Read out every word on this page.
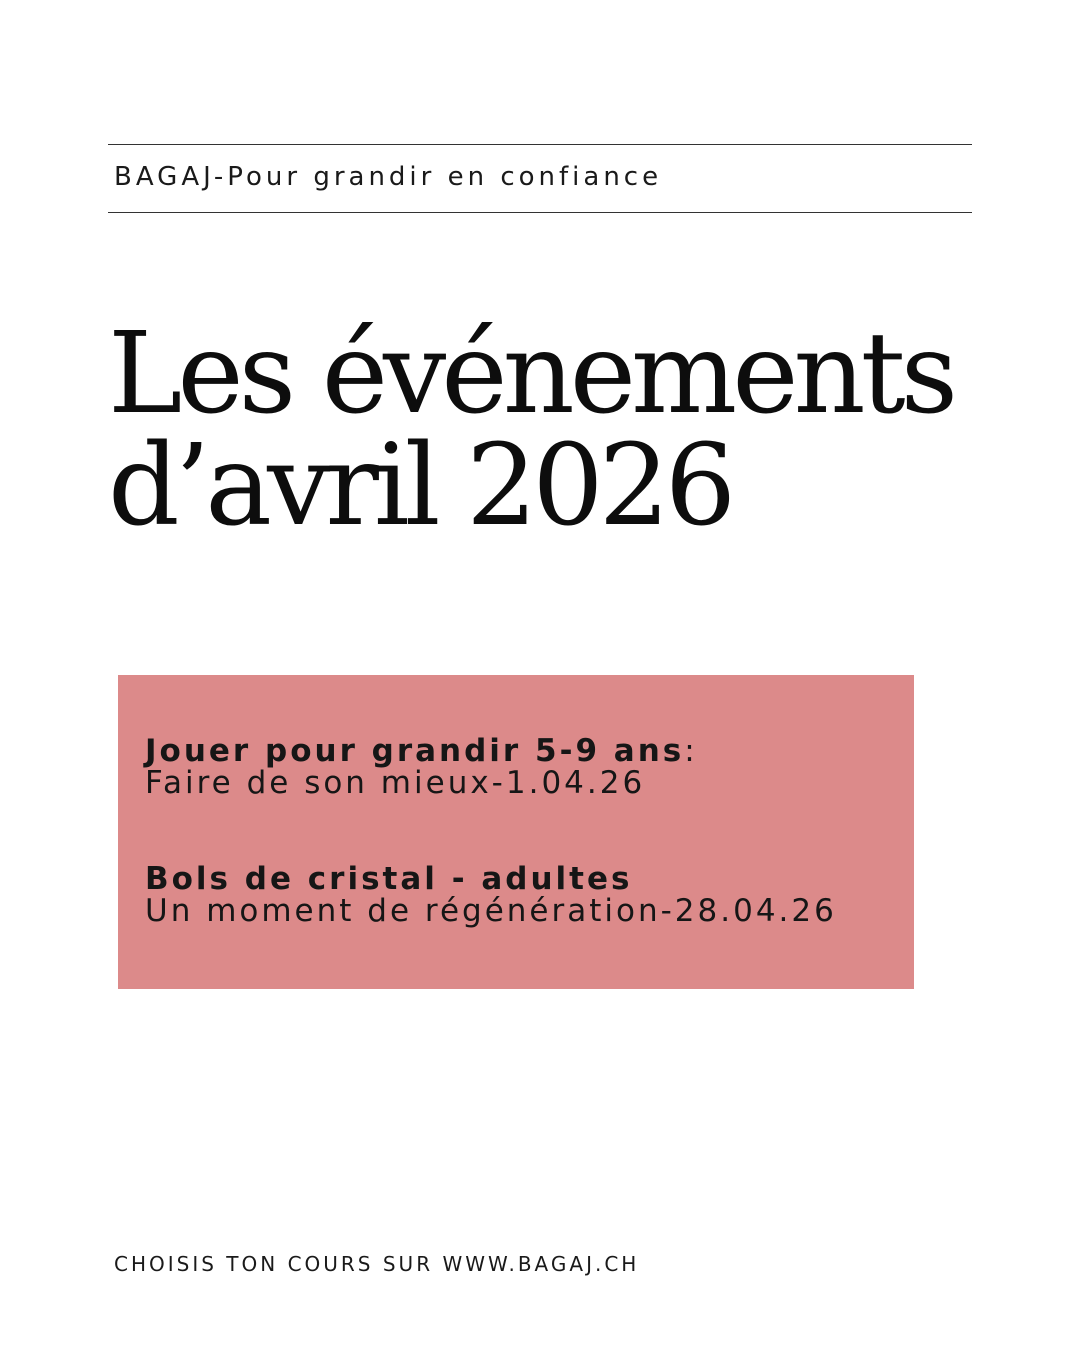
BAGAJ-Pour grandir en confiance
Les événements
d’avril 2026
Jouer pour grandir 5-9 ans:
Faire de son mieux-1.04.26
Bols de cristal - adultes
Un moment de régénération-28.04.26
CHOISIS TON COURS SUR WWW.BAGAJ.CH
